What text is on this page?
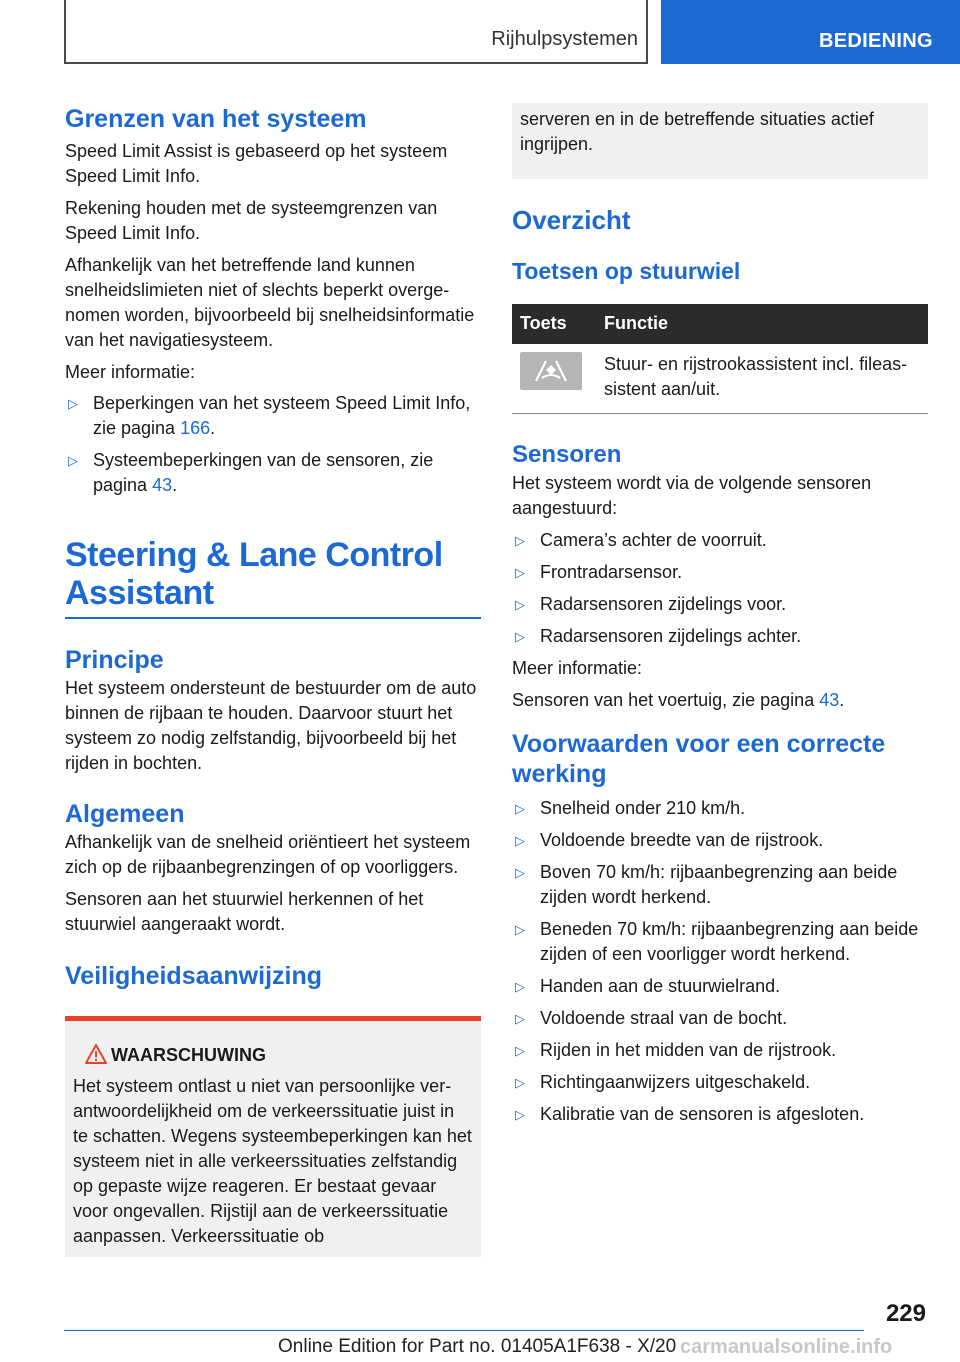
Rijhulpsystemen	BEDIENING
Grenzen van het systeem

Speed Limit Assist is gebaseerd op het systeem Speed Limit Info.

Rekening houden met de systeemgrenzen van Speed Limit Info.

Afhankelijk van het betreffende land kunnen snelheidslimieten niet of slechts beperkt overgenomen worden, bijvoorbeeld bij snelheidsinformatie van het navigatiesysteem.

Meer informatie:

▷ Beperkingen van het systeem Speed Limit Info, zie pagina 166.
▷ Systeembeperkingen van de sensoren, zie pagina 43.
Steering & Lane Control
Assistant
Principe

Het systeem ondersteunt de bestuurder om de auto binnen de rijbaan te houden. Daarvoor stuurt het systeem zo nodig zelfstandig, bijvoorbeeld bij het rijden in bochten.

Algemeen

Afhankelijk van de snelheid oriëntieert het systeem zich op de rijbaanbegrenzingen of op voorliggers.

Sensoren aan het stuurwiel herkennen of het stuurwiel aangeraakt wordt.

Veiligheidsaanwijzing
WAARSCHUWING

Het systeem ontlast u niet van persoonlijke verantwoordelijkheid om de verkeerssituatie juist in te schatten. Wegens systeembeperkingen kan het systeem niet in alle verkeerssituaties zelfstandig op gepaste wijze reageren. Er bestaat gevaar voor ongevallen. Rijstijl aan de verkeerssituatie aanpassen. Verkeerssituatie ob

serveren en in de betreffende situaties actief ingrijpen.

Overzicht
Toetsen op stuurwiel
Toets	Functie

	Stuur- en rijstrookassistent incl. fileassistent aan/uit.
Sensoren

Het systeem wordt via de volgende sensoren aangestuurd:

▷ Camera’s achter de voorruit.
▷ Frontradarsensor.
▷ Radarsensoren zijdelings voor.
▷ Radarsensoren zijdelings achter.

Meer informatie:

Sensoren van het voertuig, zie pagina 43.

Voorwaarden voor een correcte werking
▷ Snelheid onder 210 km/h.
▷ Voldoende breedte van de rijstrook.
▷ Boven 70 km/h: rijbaanbegrenzing aan beide zijden wordt herkend.
▷ Beneden 70 km/h: rijbaanbegrenzing aan beide zijden of een voorligger wordt herkend.
▷ Handen aan de stuurwielrand.
▷ Voldoende straal van de bocht.
▷ Rijden in het midden van de rijstrook.
▷ Richtingaanwijzers uitgeschakeld.
▷ Kalibratie van de sensoren is afgesloten.
229
Online Edition for Part no. 01405A1F638 - X/20 carmanualsonline.info
